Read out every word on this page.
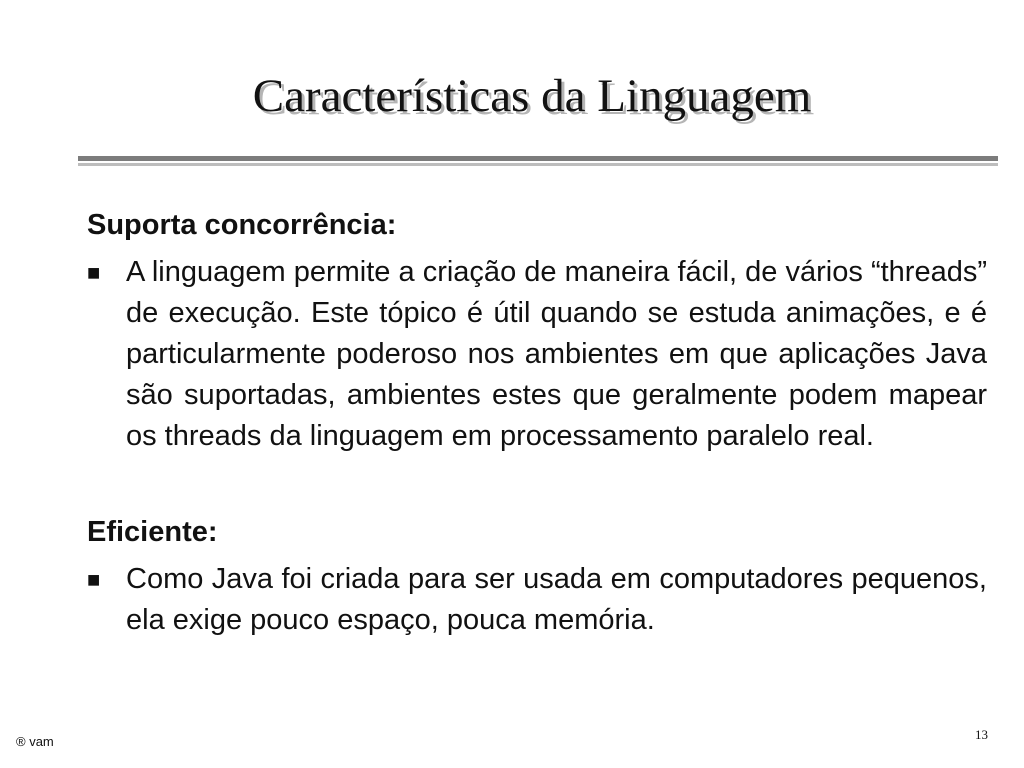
Características da Linguagem

Suporta concorrência:

■ A linguagem permite a criação de maneira fácil, de vários “threads” de execução. Este tópico é útil quando se estuda animações, e é particularmente poderoso nos ambientes em que aplicações Java são suportadas, ambientes estes que geralmente podem mapear os threads da linguagem em processamento paralelo real.

Eficiente:

■ Como Java foi criada para ser usada em computadores pequenos, ela exige pouco espaço, pouca memória.
® vam	13
